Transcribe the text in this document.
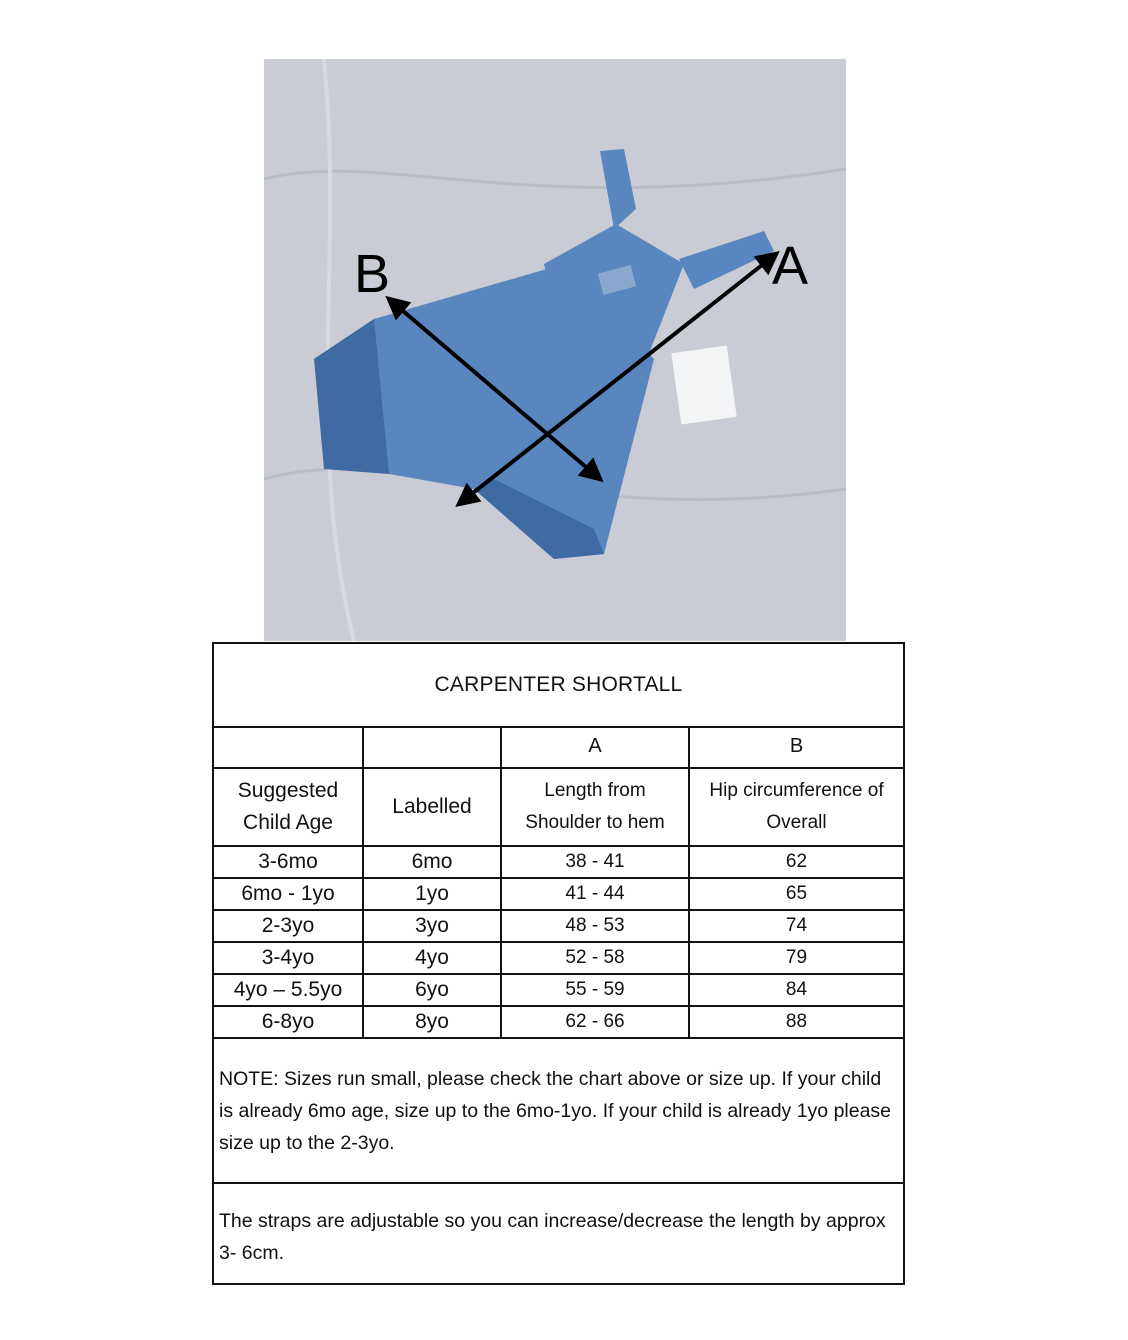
A
B
CARPENTER SHORTALL
		A	B
Suggested Child Age	Labelled	Length from Shoulder to hem	Hip circumference of Overall
3-6mo	6mo	38 - 41	62
6mo - 1yo	1yo	41 - 44	65
2-3yo	3yo	48 - 53	74
3-4yo	4yo	52 - 58	79
4yo – 5.5yo	6yo	55 - 59	84
6-8yo	8yo	62 - 66	88
NOTE: Sizes run small, please check the chart above or size up. If your child is already 6mo age, size up to the 6mo-1yo. If your child is already 1yo please size up to the 2-3yo.
The straps are adjustable so you can increase/decrease the length by approx 3- 6cm.
